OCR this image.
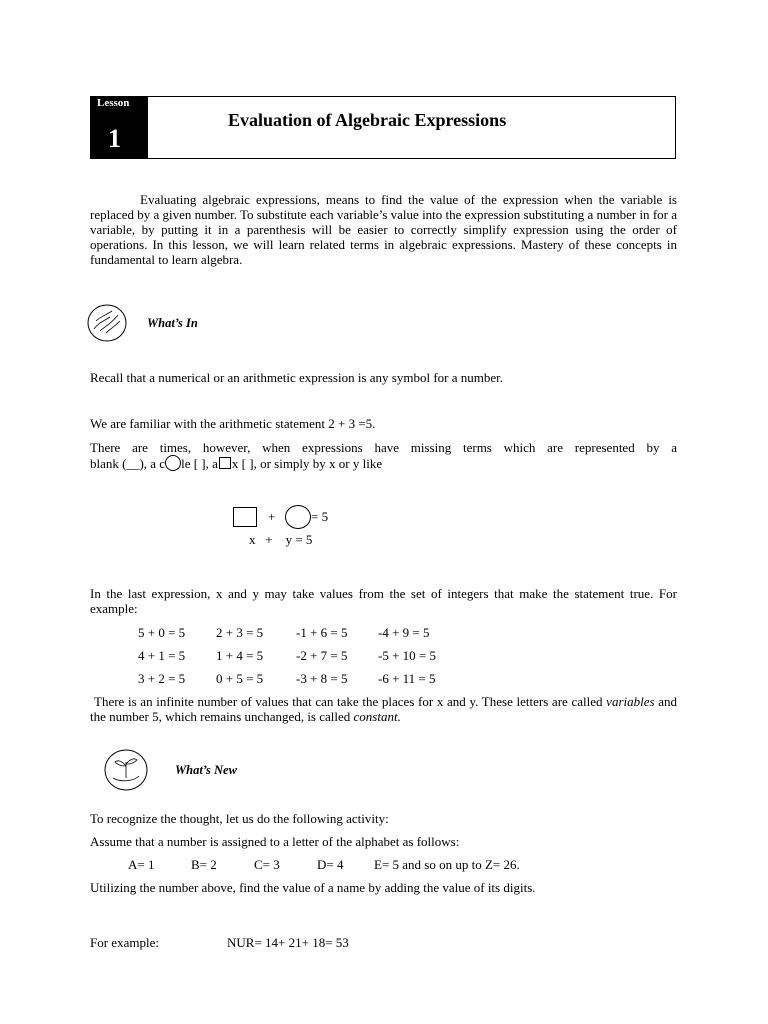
Lesson
1
Evaluation of Algebraic Expressions
Evaluating algebraic expressions, means to find the value of the expression when the variable is replaced by a given number. To substitute each variable’s value into the expression substituting a number in for a variable, by putting it in a parenthesis will be easier to correctly simplify expression using the order of operations. In this lesson, we will learn related terms in algebraic expressions. Mastery of these concepts in fundamental to learn algebra.
What’s In
Recall that a numerical or an arithmetic expression is any symbol for a number.
We are familiar with the arithmetic statement 2 + 3 =5.
There are times, however, when expressions have missing terms which are represented by a
blank (__), a c le [ ], a x [ ], or simply by x or y like
+	= 5
x   +    y = 5
In the last expression, x and y may take values from the set of integers that make the statement true. For example:
5 + 0 = 5 2 + 3 = 5	-1 + 6 = 5 -4 + 9 = 5
4 + 1 = 5 1 + 4 = 5	-2 + 7 = 5 -5 + 10 = 5
3 + 2 = 5 0 + 5 = 5	-3 + 8 = 5 -6 + 11 = 5
There is an infinite number of values that can take the places for x and y. These letters are called variables and the number 5, which remains unchanged, is called constant.
What’s New
To recognize the thought, let us do the following activity:
Assume that a number is assigned to a letter of the alphabet as follows:
A= 1	B= 2	C= 3	D= 4 E= 5 and so on up to Z= 26.
Utilizing the number above, find the value of a name by adding the value of its digits.
For example:	NUR= 14+ 21+ 18= 53
